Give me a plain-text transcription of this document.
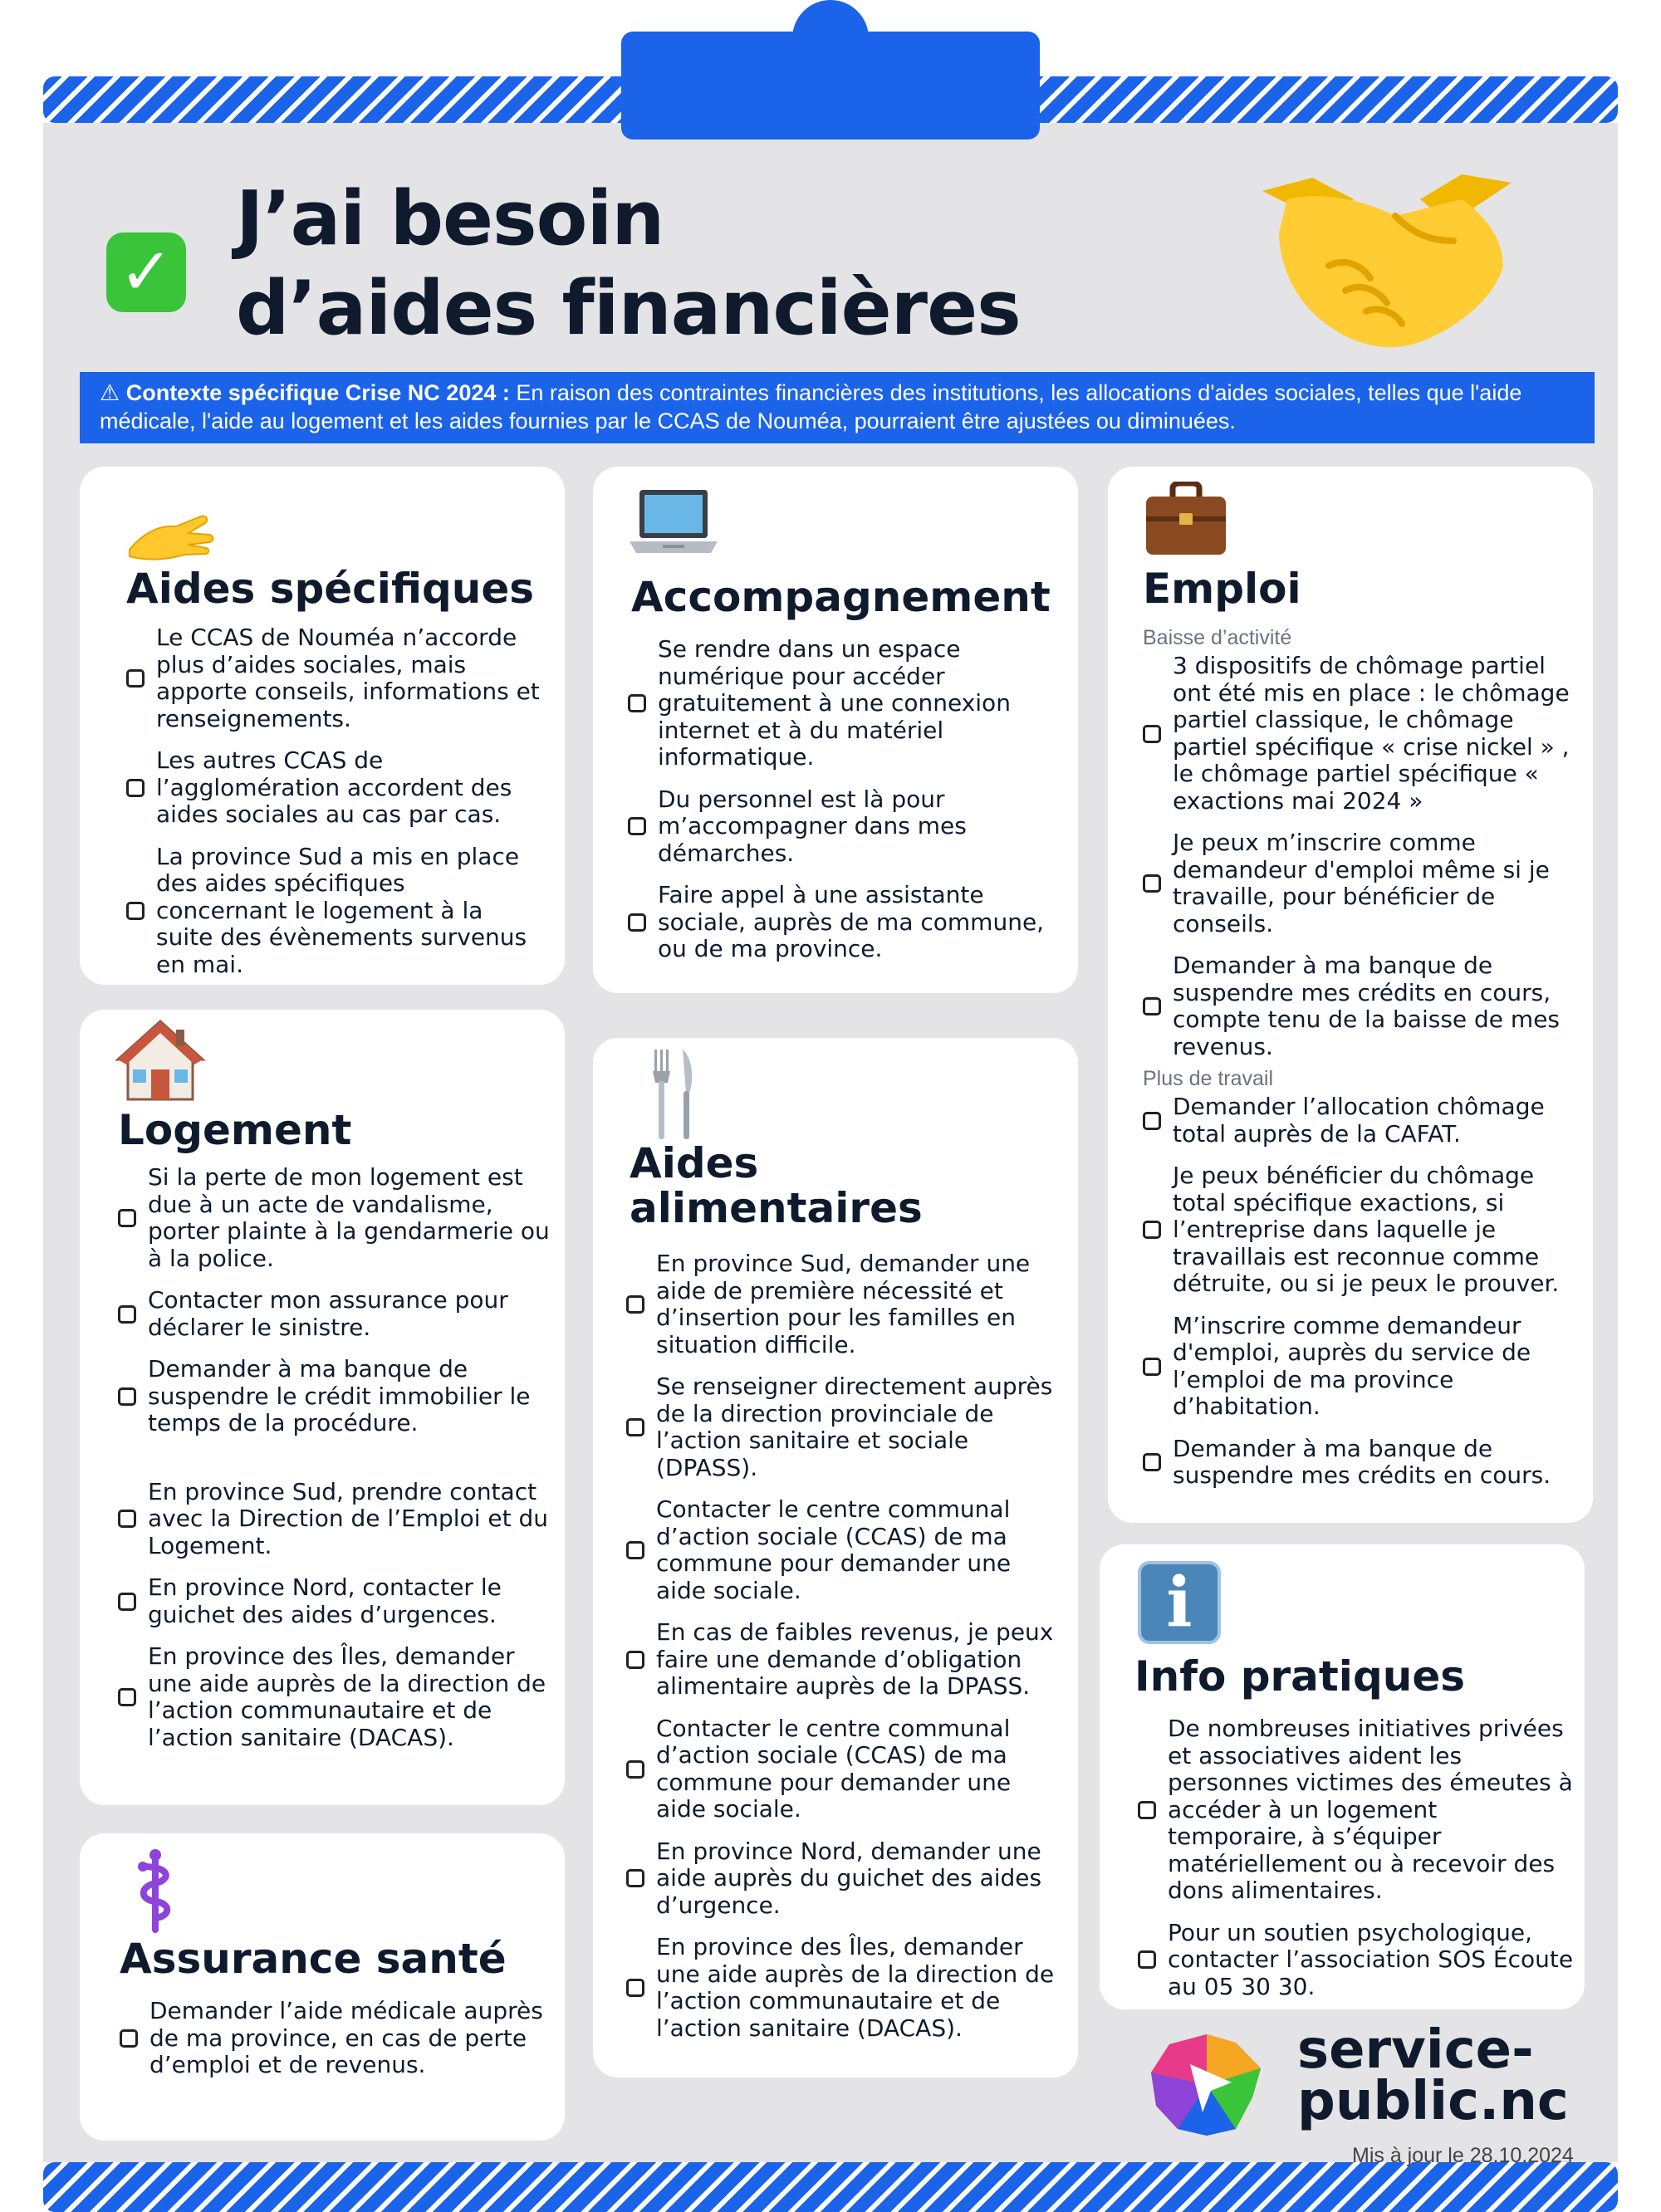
✓
J’ai besoin
d’aides financières
⚠ Contexte spécifique Crise NC 2024 : En raison des contraintes financières des institutions, les allocations d'aides sociales, telles que l'aide médicale, l'aide au logement et les aides fournies par le CCAS de Nouméa, pourraient être ajustées ou diminuées.
Aides spécifiques
Le CCAS de Nouméa n’accorde plus d’aides sociales, mais apporte conseils, informations et renseignements.
Les autres CCAS de l’agglomération accordent des aides sociales au cas par cas.
La province Sud a mis en place des aides spécifiques concernant le logement à la suite des évènements survenus en mai.
Accompagnement
Se rendre dans un espace numérique pour accéder gratuitement à une connexion internet et à du matériel informatique.
Du personnel est là pour m’accompagner dans mes démarches.
Faire appel à une assistante sociale, auprès de ma commune, ou de ma province.
Emploi
Baisse d’activité
3 dispositifs de chômage partiel ont été mis en place : le chômage partiel classique, le chômage partiel spécifique « crise nickel » , le chômage partiel spécifique « exactions mai 2024 »
Je peux m’inscrire comme demandeur d'emploi même si je travaille, pour bénéficier de conseils.
Demander à ma banque de suspendre mes crédits en cours, compte tenu de la baisse de mes revenus.
Plus de travail
Demander l’allocation chômage total auprès de la CAFAT.
Je peux bénéficier du chômage total spécifique exactions, si l’entreprise dans laquelle je travaillais est reconnue comme détruite, ou si je peux le prouver.
M’inscrire comme demandeur d'emploi, auprès du service de l’emploi de ma province d’habitation.
Demander à ma banque de suspendre mes crédits en cours.
Logement
Si la perte de mon logement est due à un acte de vandalisme, porter plainte à la gendarmerie ou à la police.
Contacter mon assurance pour déclarer le sinistre.
Demander à ma banque de suspendre le crédit immobilier le temps de la procédure.
En province Sud, prendre contact avec la Direction de l’Emploi et du Logement.
En province Nord, contacter le guichet des aides d’urgences.
En province des Îles, demander une aide auprès de la direction de l’action communautaire et de l’action sanitaire (DACAS).
Aides
alimentaires
En province Sud, demander une aide de première nécessité et d’insertion pour les familles en situation difficile.
Se renseigner directement auprès de la direction provinciale de l’action sanitaire et sociale (DPASS).
Contacter le centre communal d’action sociale (CCAS) de ma commune pour demander une aide sociale.
En cas de faibles revenus, je peux faire une demande d’obligation alimentaire auprès de la DPASS.
Contacter le centre communal d’action sociale (CCAS) de ma commune pour demander une aide sociale.
En province Nord, demander une aide auprès du guichet des aides d’urgence.
En province des Îles, demander une aide auprès de la direction de l’action communautaire et de l’action sanitaire (DACAS).
Assurance santé
Demander l’aide médicale auprès de ma province, en cas de perte d’emploi et de revenus.
i
Info pratiques
De nombreuses initiatives privées et associatives aident les personnes victimes des émeutes à accéder à un logement temporaire, à s’équiper matériellement ou à recevoir des dons alimentaires.
Pour un soutien psychologique, contacter l’association SOS Écoute au 05 30 30.
service-
public.nc
Mis à jour le 28.10.2024
